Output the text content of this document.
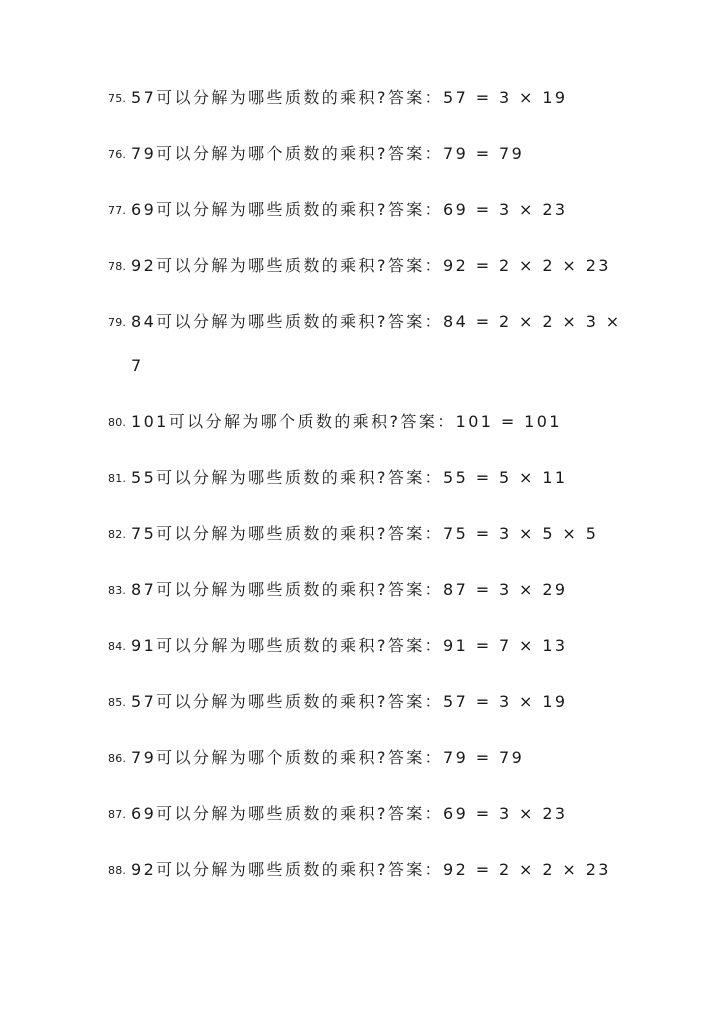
75. 57可以分解为哪些质数的乘积?答案：57 = 3 × 19
76. 79可以分解为哪个质数的乘积?答案：79 = 79
77. 69可以分解为哪些质数的乘积?答案：69 = 3 × 23
78. 92可以分解为哪些质数的乘积?答案：92 = 2 × 2 × 23
79. 84可以分解为哪些质数的乘积?答案：84 = 2 × 2 × 3 ×
7
80. 101可以分解为哪个质数的乘积?答案：101 = 101
81. 55可以分解为哪些质数的乘积?答案：55 = 5 × 11
82. 75可以分解为哪些质数的乘积?答案：75 = 3 × 5 × 5
83. 87可以分解为哪些质数的乘积?答案：87 = 3 × 29
84. 91可以分解为哪些质数的乘积?答案：91 = 7 × 13
85. 57可以分解为哪些质数的乘积?答案：57 = 3 × 19
86. 79可以分解为哪个质数的乘积?答案：79 = 79
87. 69可以分解为哪些质数的乘积?答案：69 = 3 × 23
88. 92可以分解为哪些质数的乘积?答案：92 = 2 × 2 × 23
